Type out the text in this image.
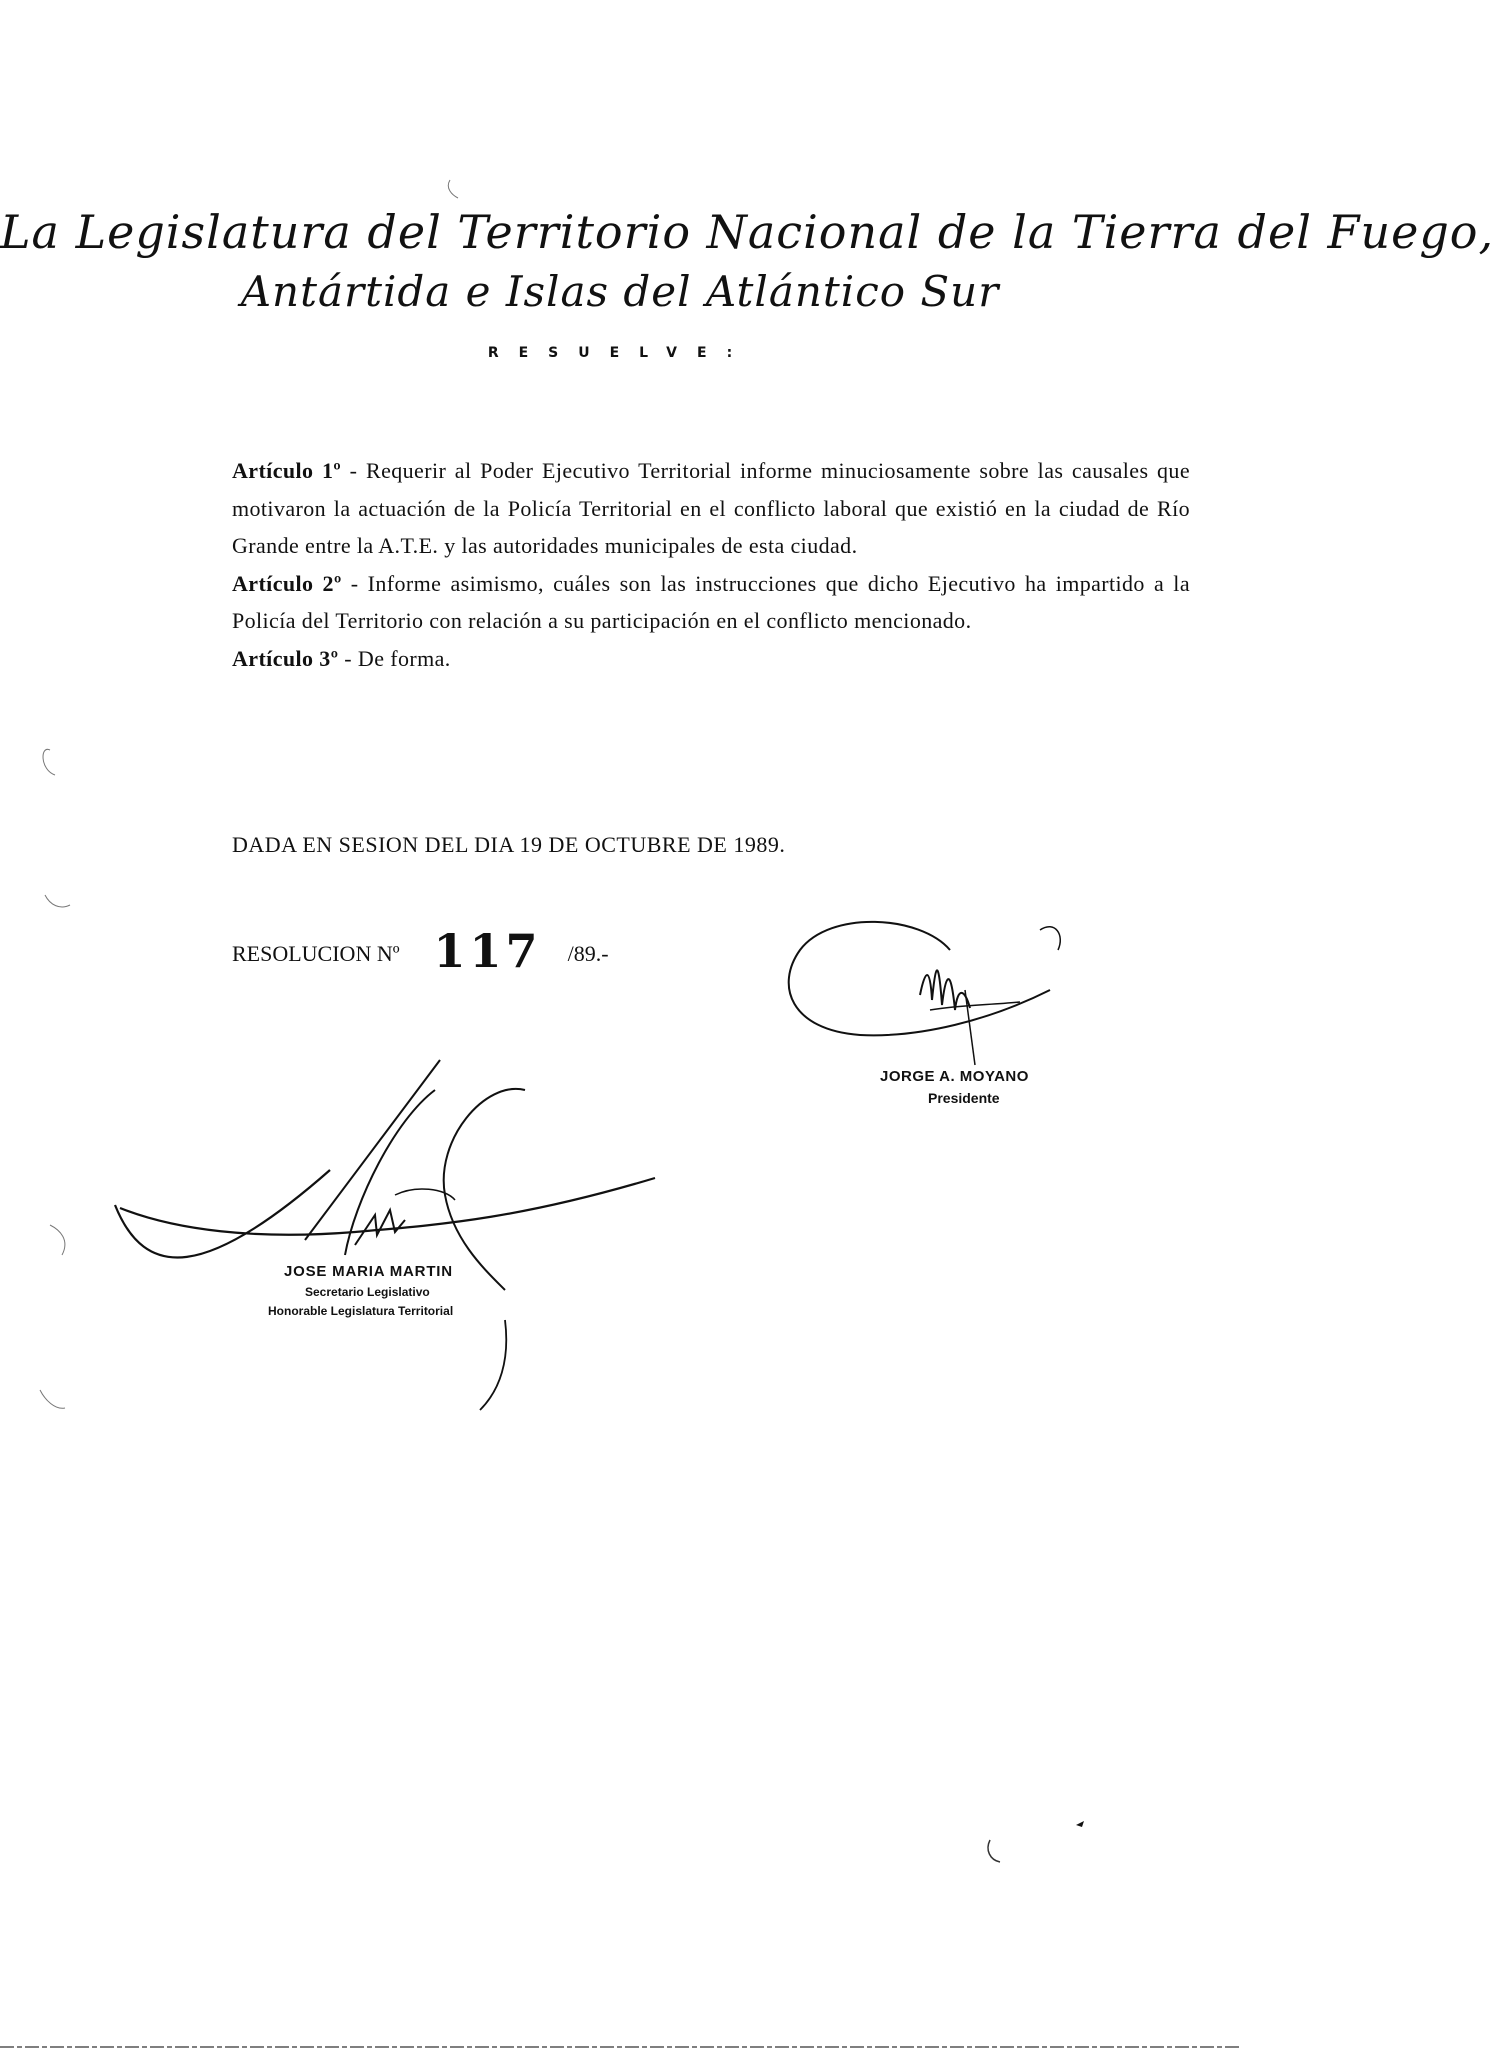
La Legislatura del Territorio Nacional de la Tierra del Fuego,
Antártida e Islas del Atlántico Sur
RESUELVE:

Artículo 1º - Requerir al Poder Ejecutivo Territorial informe minuciosamente sobre las causales que motivaron la actuación de la Policía Territorial en el conflicto laboral que existió en la ciudad de Río Grande entre la A.T.E. y las autoridades municipales de esta ciudad.

Artículo 2º - Informe asimismo, cuáles son las instrucciones que dicho Ejecutivo ha impartido a la Policía del Territorio con relación a su participación en el conflicto mencionado.

Artículo 3º - De forma.

DADA EN SESION DEL DIA 19 DE OCTUBRE DE 1989.
RESOLUCION Nº 117 /89.-
JORGE A. MOYANO
Presidente
JOSE MARIA MARTIN
Secretario Legislativo
Honorable Legislatura Territorial
